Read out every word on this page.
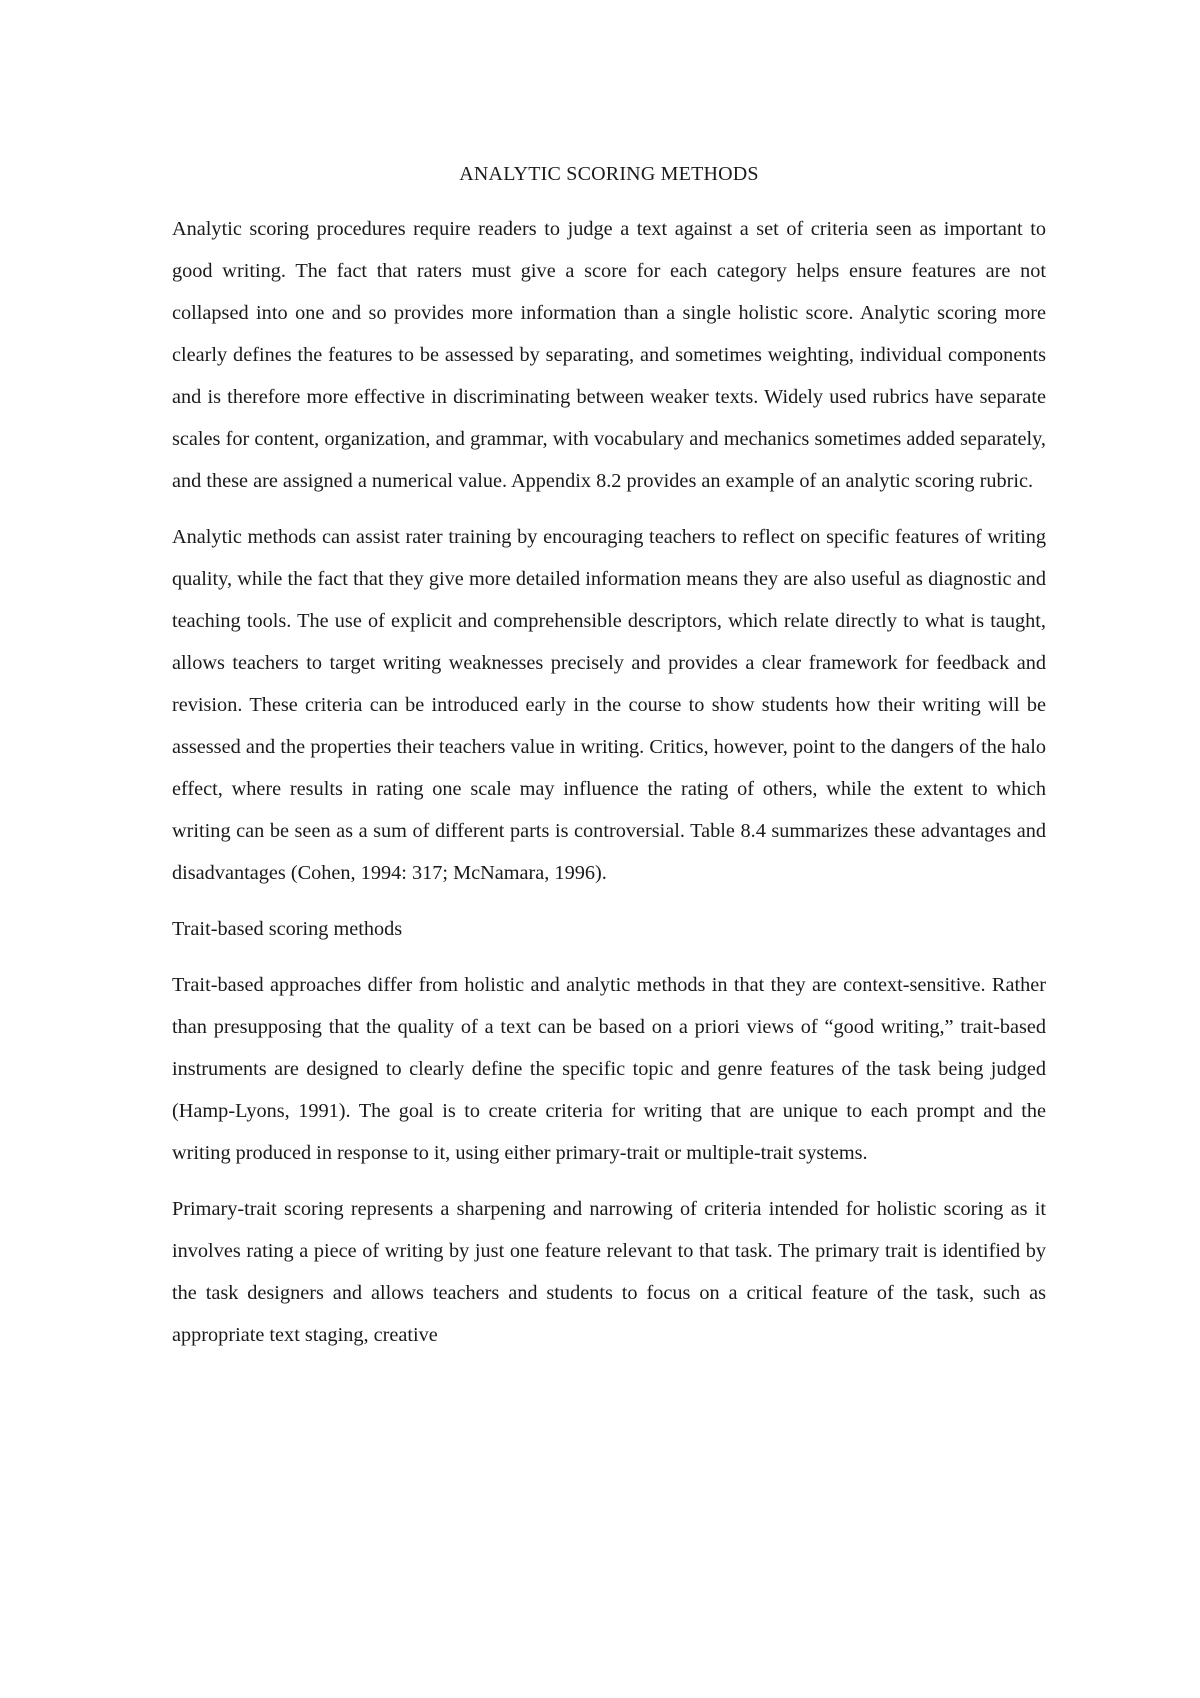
ANALYTIC SCORING METHODS

Analytic scoring procedures require readers to judge a text against a set of criteria seen as important to good writing. The fact that raters must give a score for each category helps ensure features are not collapsed into one and so provides more information than a single holistic score. Analytic scoring more clearly defines the features to be assessed by separating, and sometimes weighting, individual components and is therefore more effective in discriminating between weaker texts. Widely used rubrics have separate scales for content, organization, and grammar, with vocabulary and mechanics sometimes added separately, and these are assigned a numerical value. Appendix 8.2 provides an example of an analytic scoring rubric.

Analytic methods can assist rater training by encouraging teachers to reflect on specific features of writing quality, while the fact that they give more detailed information means they are also useful as diagnostic and teaching tools. The use of explicit and comprehensible descriptors, which relate directly to what is taught, allows teachers to target writing weaknesses precisely and provides a clear framework for feedback and revision. These criteria can be introduced early in the course to show students how their writing will be assessed and the properties their teachers value in writing. Critics, however, point to the dangers of the halo effect, where results in rating one scale may influence the rating of others, while the extent to which writing can be seen as a sum of different parts is controversial. Table 8.4 summarizes these advantages and disadvantages (Cohen, 1994: 317; McNamara, 1996).

Trait-based scoring methods

Trait-based approaches differ from holistic and analytic methods in that they are context-sensitive. Rather than presupposing that the quality of a text can be based on a priori views of “good writing,” trait-based instruments are designed to clearly define the specific topic and genre features of the task being judged (Hamp-Lyons, 1991). The goal is to create criteria for writing that are unique to each prompt and the writing produced in response to it, using either primary-trait or multiple-trait systems.

Primary-trait scoring represents a sharpening and narrowing of criteria intended for holistic scoring as it involves rating a piece of writing by just one feature relevant to that task. The primary trait is identified by the task designers and allows teachers and students to focus on a critical feature of the task, such as appropriate text staging, creative
